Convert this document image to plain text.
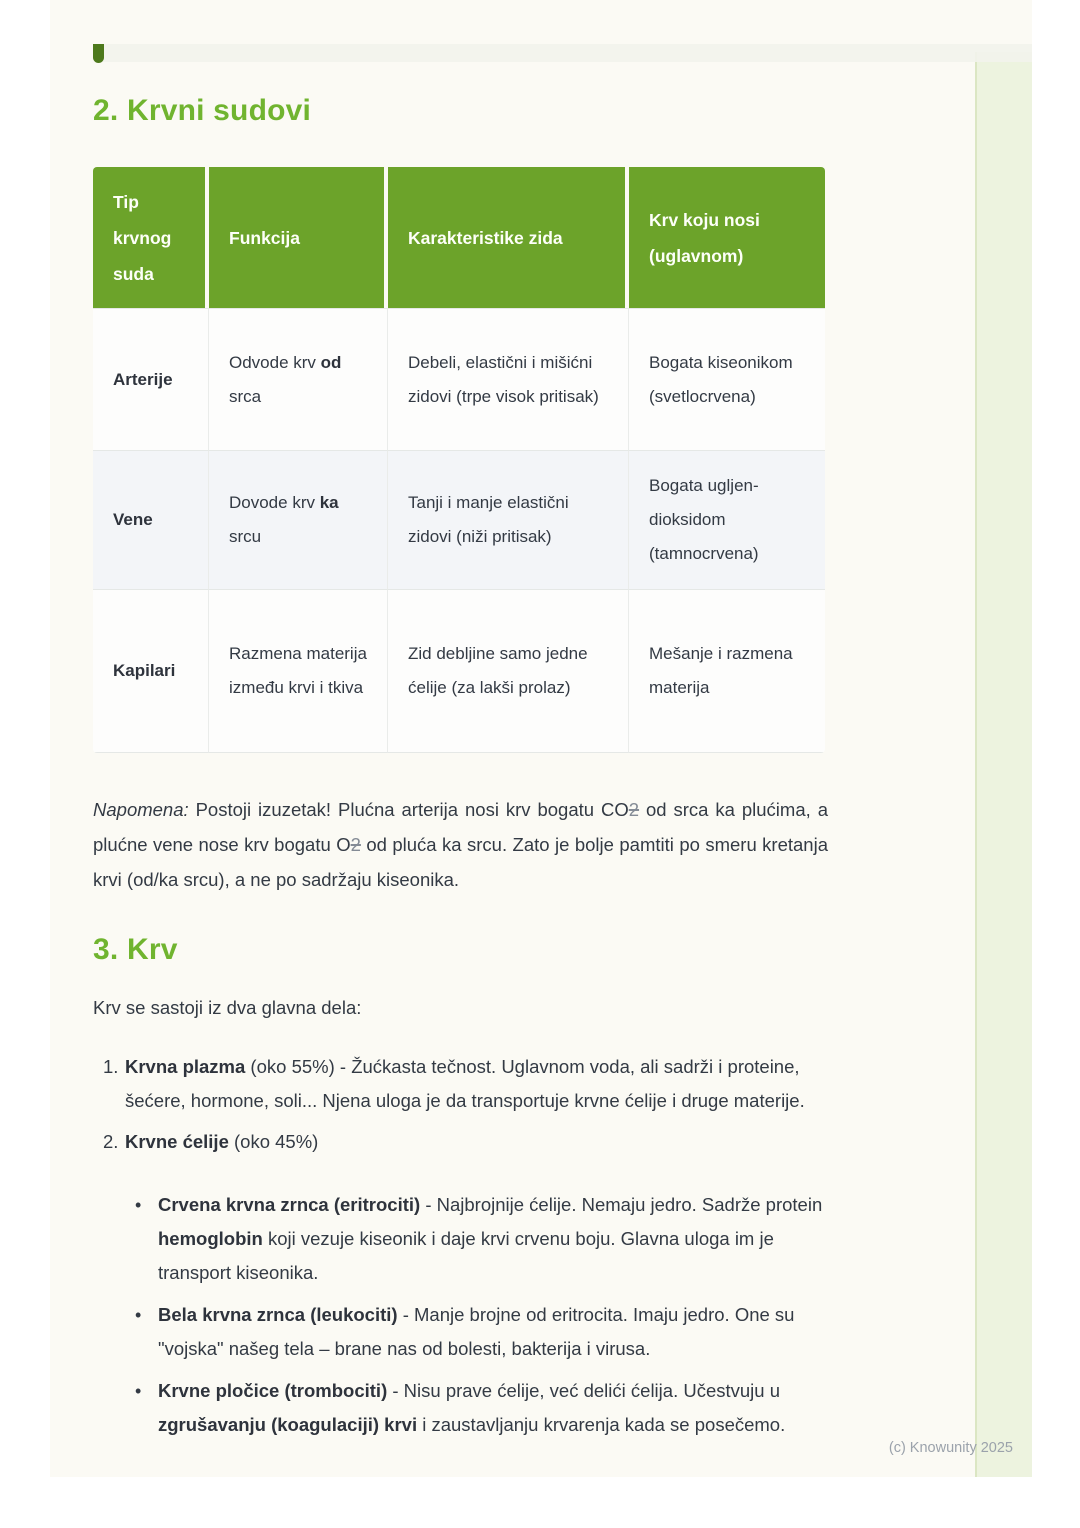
2. Krvni sudovi
Tip krvnog suda	Funkcija	Karakteristike zida	Krv koju nosi (uglavnom)
Arterije	Odvode krv od srca	Debeli, elastični i mišićni zidovi (trpe visok pritisak)	Bogata kiseonikom (svetlocrvena)
Vene	Dovode krv ka srcu	Tanji i manje elastični zidovi (niži pritisak)	Bogata ugljen-dioksidom (tamnocrvena)
Kapilari	Razmena materija između krvi i tkiva	Zid debljine samo jedne ćelije (za lakši prolaz)	Mešanje i razmena materija

Napomena: Postoji izuzetak! Plućna arterija nosi krv bogatu CO2 od srca ka plućima, a plućne vene nose krv bogatu O2 od pluća ka srcu. Zato je bolje pamtiti po smeru kretanja krvi (od/ka srcu), a ne po sadržaju kiseonika.

3. Krv

Krv se sastoji iz dva glavna dela:

1. Krvna plazma (oko 55%) - Žućkasta tečnost. Uglavnom voda, ali sadrži i proteine, šećere, hormone, soli... Njena uloga je da transportuje krvne ćelije i druge materije.
2. Krvne ćelije (oko 45%)
• Crvena krvna zrnca (eritrociti) - Najbrojnije ćelije. Nemaju jedro. Sadrže protein hemoglobin koji vezuje kiseonik i daje krvi crvenu boju. Glavna uloga im je transport kiseonika.
• Bela krvna zrnca (leukociti) - Manje brojne od eritrocita. Imaju jedro. One su "vojska" našeg tela – brane nas od bolesti, bakterija i virusa.
• Krvne pločice (trombociti) - Nisu prave ćelije, već delići ćelija. Učestvuju u zgrušavanju (koagulaciji) krvi i zaustavljanju krvarenja kada se posečemo.
(c) Knowunity 2025
